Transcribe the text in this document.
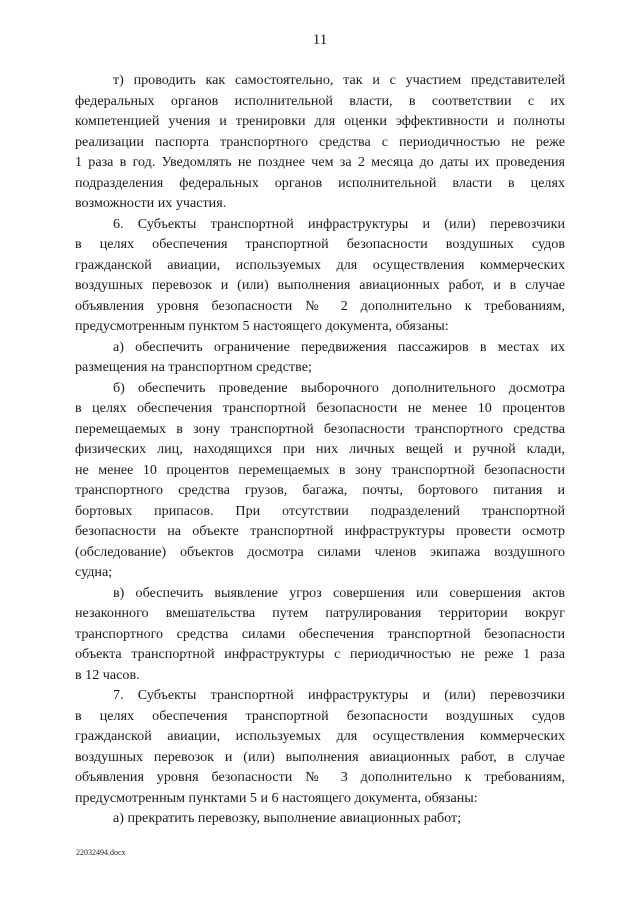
11
т) проводить как самостоятельно, так и с участием представителей
федеральных органов исполнительной власти, в соответствии с их
компетенцией учения и тренировки для оценки эффективности и полноты
реализации паспорта транспортного средства с периодичностью не реже
1 раза в год. Уведомлять не позднее чем за 2 месяца до даты их проведения
подразделения федеральных органов исполнительной власти в целях
возможности их участия.
6. Субъекты транспортной инфраструктуры и (или) перевозчики
в целях обеспечения транспортной безопасности воздушных судов
гражданской авиации, используемых для осуществления коммерческих
воздушных перевозок и (или) выполнения авиационных работ, и в случае
объявления уровня безопасности № 2 дополнительно к требованиям,
предусмотренным пунктом 5 настоящего документа, обязаны:
а) обеспечить ограничение передвижения пассажиров в местах их
размещения на транспортном средстве;
б) обеспечить проведение выборочного дополнительного досмотра
в целях обеспечения транспортной безопасности не менее 10 процентов
перемещаемых в зону транспортной безопасности транспортного средства
физических лиц, находящихся при них личных вещей и ручной клади,
не менее 10 процентов перемещаемых в зону транспортной безопасности
транспортного средства грузов, багажа, почты, бортового питания и
бортовых припасов. При отсутствии подразделений транспортной
безопасности на объекте транспортной инфраструктуры провести осмотр
(обследование) объектов досмотра силами членов экипажа воздушного
судна;
в) обеспечить выявление угроз совершения или совершения актов
незаконного вмешательства путем патрулирования территории вокруг
транспортного средства силами обеспечения транспортной безопасности
объекта транспортной инфраструктуры с периодичностью не реже 1 раза
в 12 часов.
7. Субъекты транспортной инфраструктуры и (или) перевозчики
в целях обеспечения транспортной безопасности воздушных судов
гражданской авиации, используемых для осуществления коммерческих
воздушных перевозок и (или) выполнения авиационных работ, в случае
объявления уровня безопасности № 3 дополнительно к требованиям,
предусмотренным пунктами 5 и 6 настоящего документа, обязаны:
а) прекратить перевозку, выполнение авиационных работ;
22032494.docx
